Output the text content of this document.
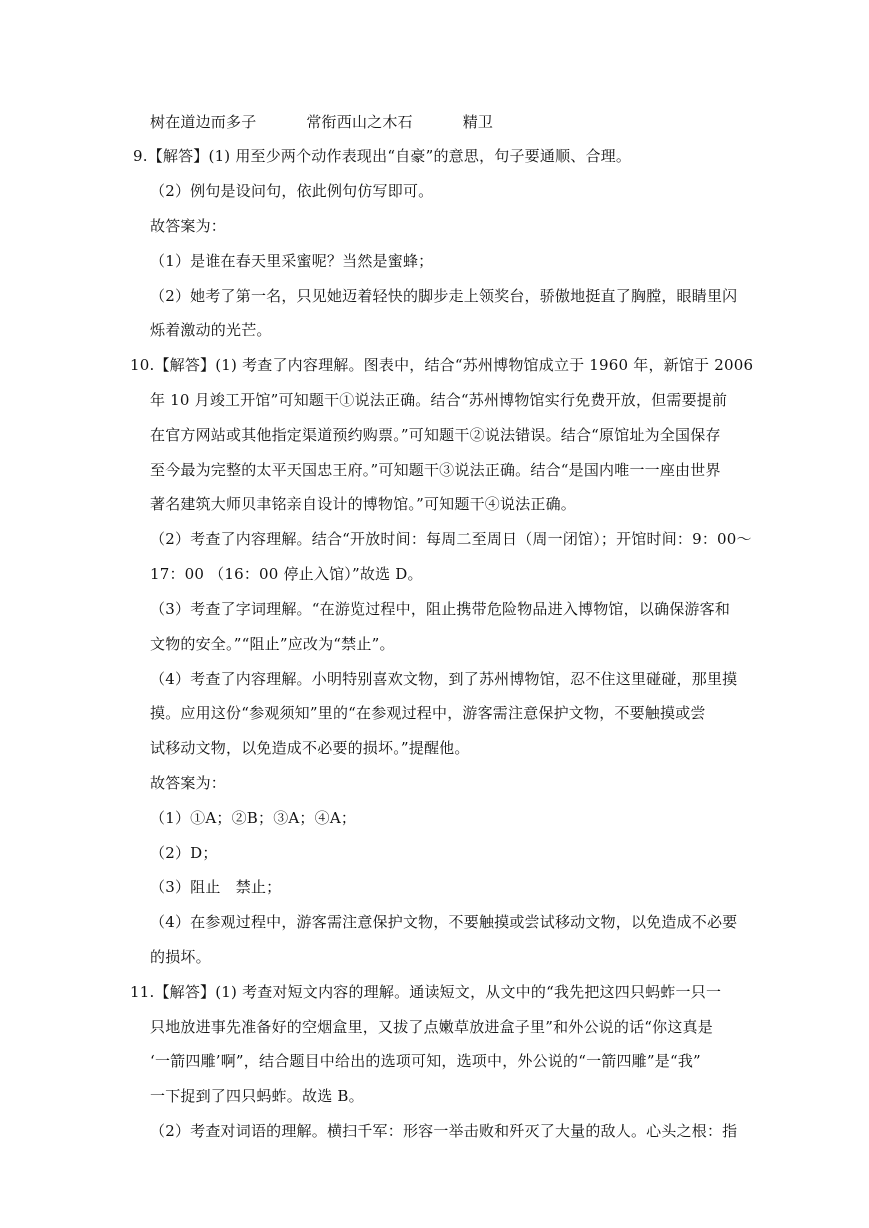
树在道边而多子	常衔西山之木石	精卫
9.【解答】(1) 用至少两个动作表现出“自豪”的意思，句子要通顺、合理。
（2）例句是设问句，依此例句仿写即可。
故答案为：
（1）是谁在春天里采蜜呢？当然是蜜蜂；
（2）她考了第一名，只见她迈着轻快的脚步走上领奖台，骄傲地挺直了胸膛，眼睛里闪
烁着激动的光芒。
10.【解答】(1) 考查了内容理解。图表中，结合“苏州博物馆成立于 1960 年，新馆于 2006
年 10 月竣工开馆”可知题干①说法正确。结合“苏州博物馆实行免费开放，但需要提前
在官方网站或其他指定渠道预约购票。”可知题干②说法错误。结合“原馆址为全国保存
至今最为完整的太平天国忠王府。”可知题干③说法正确。结合“是国内唯一一座由世界
著名建筑大师贝聿铭亲自设计的博物馆。”可知题干④说法正确。
（2）考查了内容理解。结合“开放时间：每周二至周日（周一闭馆）；开馆时间：9：00～
17：00 （16：00 停止入馆）”故选 D。
（3）考查了字词理解。“在游览过程中，阻止携带危险物品进入博物馆，以确保游客和
文物的安全。”“阻止”应改为“禁止”。
（4）考查了内容理解。小明特别喜欢文物，到了苏州博物馆，忍不住这里碰碰，那里摸
摸。应用这份“参观须知”里的“在参观过程中，游客需注意保护文物，不要触摸或尝
试移动文物，以免造成不必要的损坏。”提醒他。
故答案为：
（1）①A；②B；③A；④A；
（2）D；
（3）阻止　禁止；
（4）在参观过程中，游客需注意保护文物，不要触摸或尝试移动文物，以免造成不必要
的损坏。
11.【解答】(1) 考查对短文内容的理解。通读短文，从文中的“我先把这四只蚂蚱一只一
只地放进事先准备好的空烟盒里，又拔了点嫩草放进盒子里”和外公说的话“你这真是
‘一箭四雕’啊”，结合题目中给出的选项可知，选项中，外公说的“一箭四雕”是“我”
一下捉到了四只蚂蚱。故选 B。
（2）考查对词语的理解。横扫千军：形容一举击败和歼灭了大量的敌人。心头之根：指
